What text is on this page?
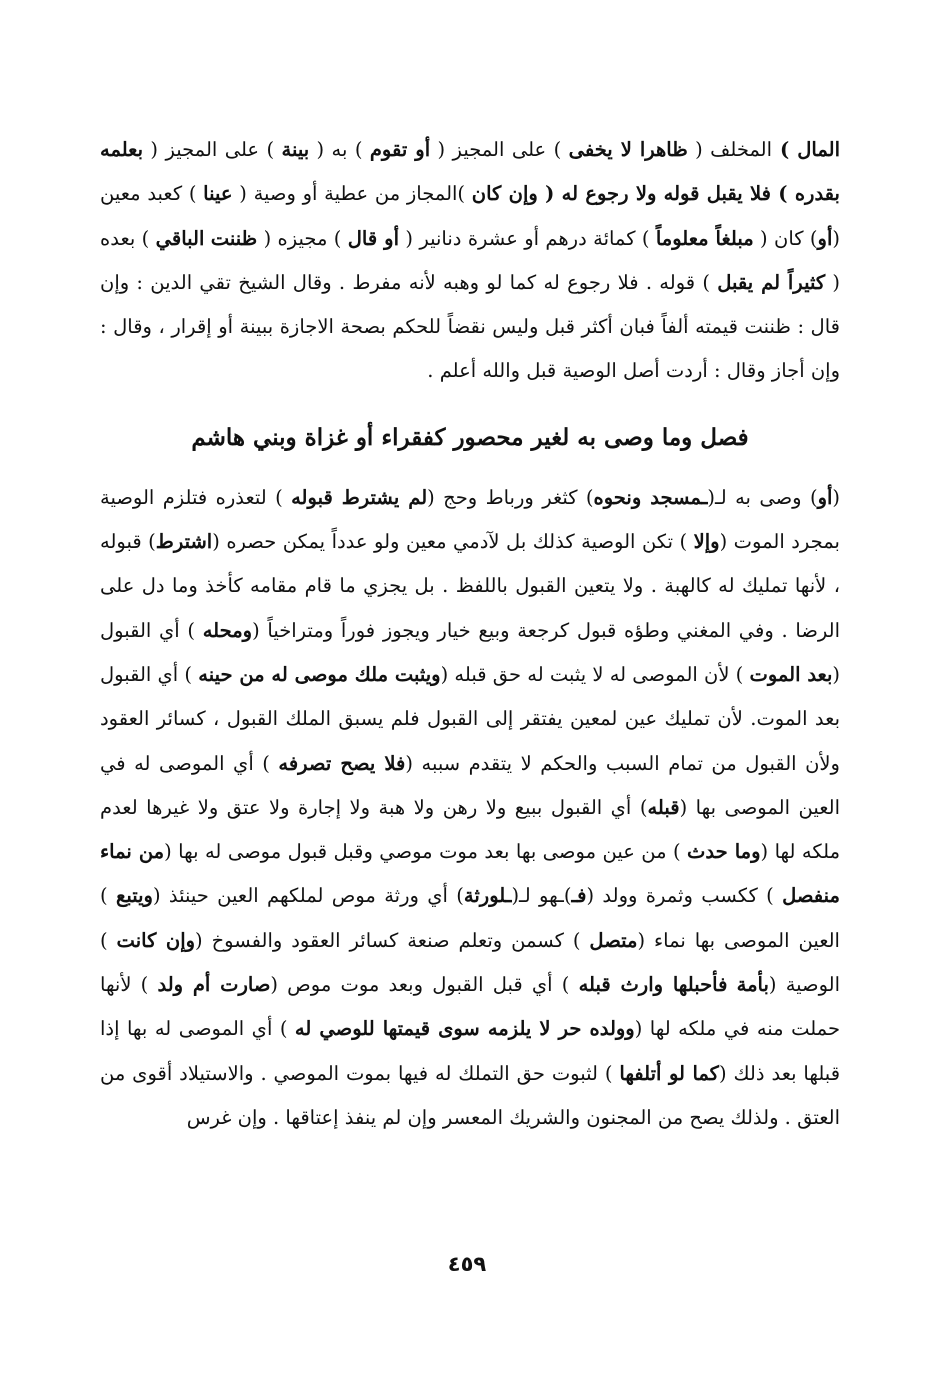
المال ) المخلف ( ظاهرا لا يخفى ) على المجيز ( أو تقوم ) به ( بينة ) على المجيز ( بعلمه بقدره ) فلا يقبل قوله ولا رجوع له ( وإن كان )المجاز من عطية أو وصية ( عينا ) كعبد معين (أو) كان ( مبلغاً معلوماً ) كمائة درهم أو عشرة دنانير ( أو قال ) مجيزه ( ظننت الباقي ) بعده ( كثيراً لم يقبل ) قوله . فلا رجوع له كما لو وهبه لأنه مفرط . وقال الشيخ تقي الدين : وإن قال : ظننت قيمته ألفاً فبان أكثر قبل وليس نقضاً للحكم بصحة الاجازة ببينة أو إقرار ، وقال : وإن أجاز وقال : أردت أصل الوصية قبل والله أعلم .

فصل وما وصى به لغير محصور كفقراء أو غزاة وبني هاشم

(أو) وصى به لـ(ـمسجد ونحوه) كثغر ورباط وحج (لم يشترط قبوله ) لتعذره فتلزم الوصية بمجرد الموت (وإلا ) تكن الوصية كذلك بل لآدمي معين ولو عدداً يمكن حصره (اشترط) قبوله ، لأنها تمليك له كالهبة . ولا يتعين القبول باللفظ . بل يجزي ما قام مقامه كأخذ وما دل على الرضا . وفي المغني وطؤه قبول كرجعة وبيع خيار ويجوز فوراً ومتراخياً (ومحله ) أي القبول (بعد الموت ) لأن الموصى له لا يثبت له حق قبله (ويثبت ملك موصى له من حينه ) أي القبول بعد الموت. لأن تمليك عين لمعين يفتقر إلى القبول فلم يسبق الملك القبول ، كسائر العقود ولأن القبول من تمام السبب والحكم لا يتقدم سببه (فلا يصح تصرفه ) أي الموصى له في العين الموصى بها (قبله) أي القبول ببيع ولا رهن ولا هبة ولا إجارة ولا عتق ولا غيرها لعدم ملكه لها (وما حدث ) من عين موصى بها بعد موت موصي وقبل قبول موصى له بها (من نماء منفصل ) ككسب وثمرة وولد (فـ)ـهو لـ(ـلورثة) أي ورثة موص لملكهم العين حينئذ (ويتبع ) العين الموصى بها نماء (متصل ) كسمن وتعلم صنعة كسائر العقود والفسوخ (وإن كانت ) الوصية (بأمة فأحبلها وارث قبله ) أي قبل القبول وبعد موت موص (صارت أم ولد ) لأنها حملت منه في ملكه لها (وولده حر لا يلزمه سوى قيمتها للوصي له ) أي الموصى له بها إذا قبلها بعد ذلك (كما لو أتلفها ) لثبوت حق التملك له فيها بموت الموصي . والاستيلاد أقوى من العتق . ولذلك يصح من المجنون والشريك المعسر وإن لم ينفذ إعتاقها . وإن غرس

٤٥٩
